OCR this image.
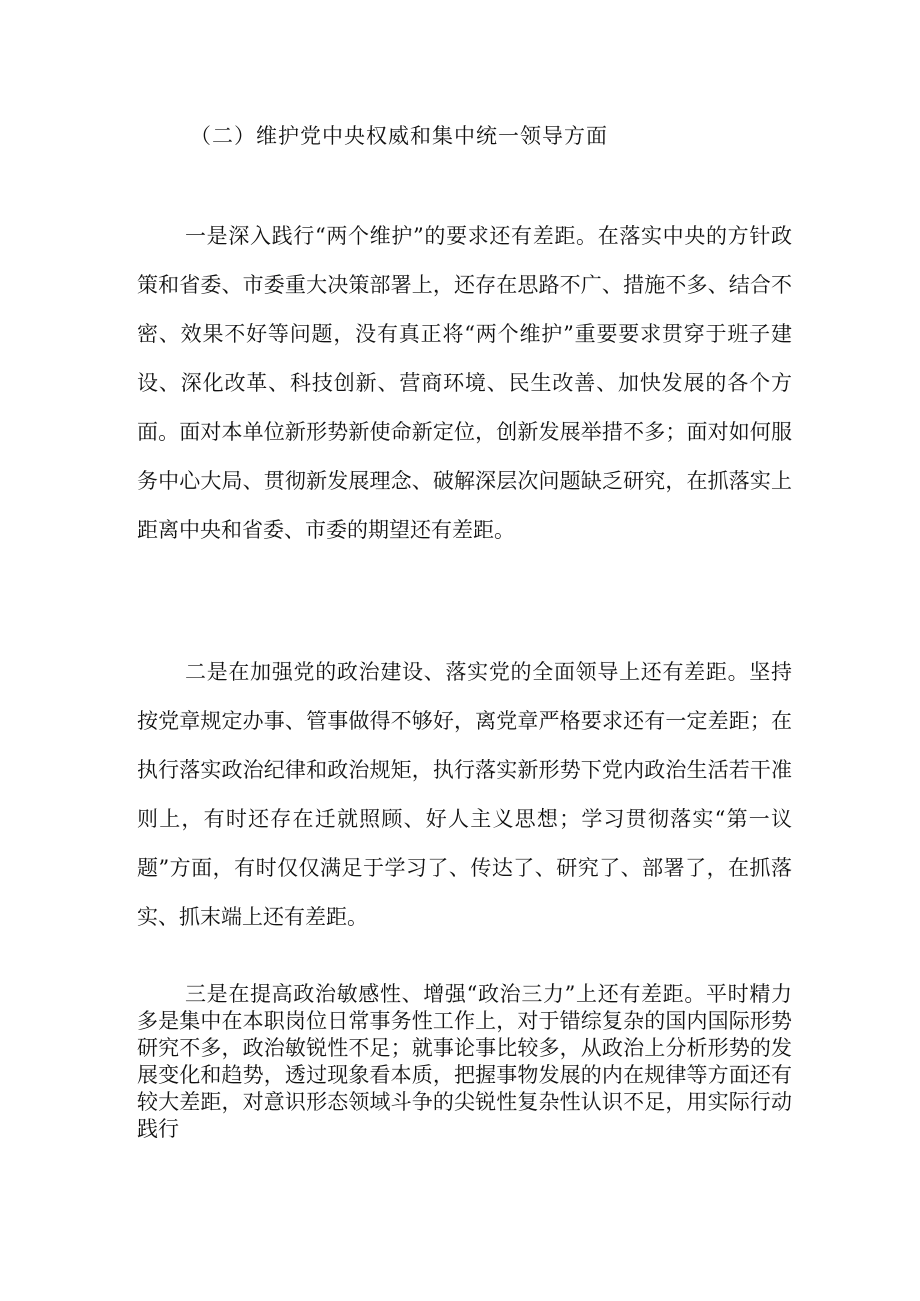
（二）维护党中央权威和集中统一领导方面

一是深入践行“两个维护”的要求还有差距。在落实中央的方针政策和省委、市委重大决策部署上，还存在思路不广、措施不多、结合不密、效果不好等问题，没有真正将“两个维护”重要要求贯穿于班子建设、深化改革、科技创新、营商环境、民生改善、加快发展的各个方面。面对本单位新形势新使命新定位，创新发展举措不多；面对如何服务中心大局、贯彻新发展理念、破解深层次问题缺乏研究，在抓落实上距离中央和省委、市委的期望还有差距。

二是在加强党的政治建设、落实党的全面领导上还有差距。坚持按党章规定办事、管事做得不够好，离党章严格要求还有一定差距；在执行落实政治纪律和政治规矩，执行落实新形势下党内政治生活若干准则上，有时还存在迁就照顾、好人主义思想；学习贯彻落实“第一议题”方面，有时仅仅满足于学习了、传达了、研究了、部署了，在抓落实、抓末端上还有差距。

三是在提高政治敏感性、增强“政治三力”上还有差距。平时精力多是集中在本职岗位日常事务性工作上，对于错综复杂的国内国际形势研究不多，政治敏锐性不足；就事论事比较多，从政治上分析形势的发展变化和趋势，透过现象看本质，把握事物发展的内在规律等方面还有较大差距，对意识形态领域斗争的尖锐性复杂性认识不足，用实际行动践行
